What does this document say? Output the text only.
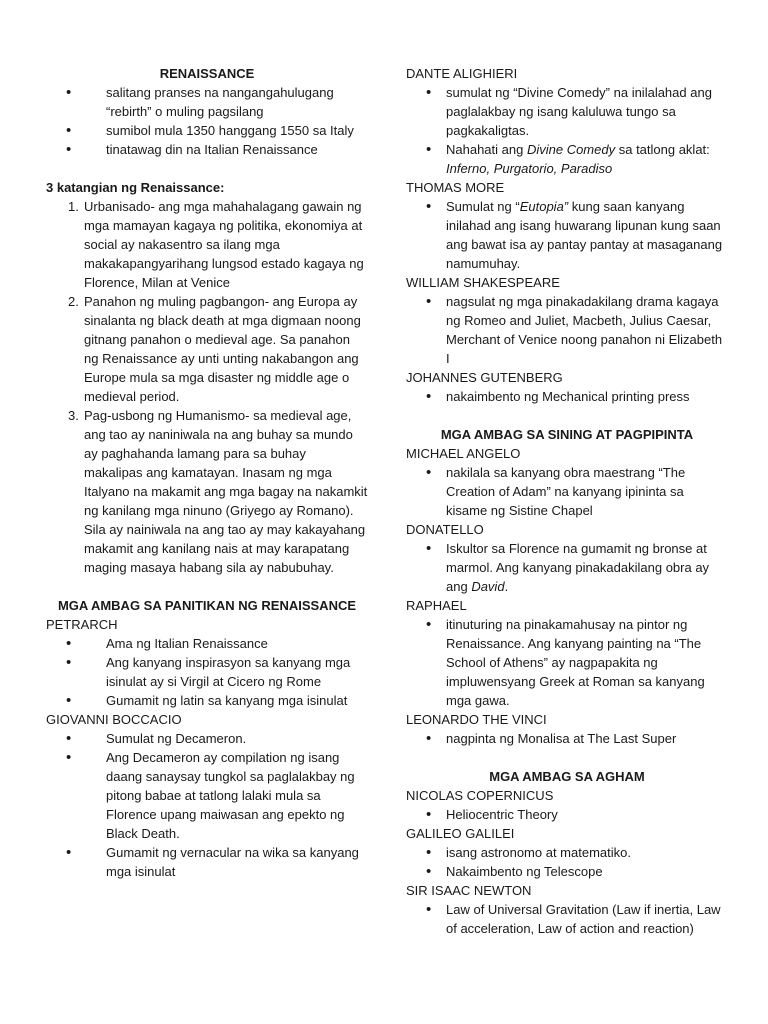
RENAISSANCE

• salitang pranses na nangangahulugang “rebirth” o muling pagsilang
• sumibol mula 1350 hanggang 1550 sa Italy
• tinatawag din na Italian Renaissance

3 katangian ng Renaissance:

1. Urbanisado- ang mga mahahalagang gawain ng mga mamayan kagaya ng politika, ekonomiya at social ay nakasentro sa ilang mga makakapangyarihang lungsod estado kagaya ng Florence, Milan at Venice
2. Panahon ng muling pagbangon- ang Europa ay sinalanta ng black death at mga digmaan noong gitnang panahon o medieval age. Sa panahon ng Renaissance ay unti unting nakabangon ang Europe mula sa mga disaster ng middle age o medieval period.
3. Pag-usbong ng Humanismo- sa medieval age, ang tao ay naniniwala na ang buhay sa mundo ay paghahanda lamang para sa buhay makalipas ang kamatayan. Inasam ng mga Italyano na makamit ang mga bagay na nakamkit ng kanilang mga ninuno (Griyego ay Romano). Sila ay nainiwala na ang tao ay may kakayahang makamit ang kanilang nais at may karapatang maging masaya habang sila ay nabubuhay.

MGA AMBAG SA PANITIKAN NG RENAISSANCE

PETRARCH

• Ama ng Italian Renaissance
• Ang kanyang inspirasyon sa kanyang mga isinulat ay si Virgil at Cicero ng Rome
• Gumamit ng latin sa kanyang mga isinulat

GIOVANNI BOCCACIO

• Sumulat ng Decameron.
• Ang Decameron ay compilation ng isang daang sanaysay tungkol sa paglalakbay ng pitong babae at tatlong lalaki mula sa Florence upang maiwasan ang epekto ng Black Death.
• Gumamit ng vernacular na wika sa kanyang mga isinulat

DANTE ALIGHIERI

• sumulat ng “Divine Comedy” na inilalahad ang paglalakbay ng isang kaluluwa tungo sa pagkakaligtas.
• Nahahati ang Divine Comedy sa tatlong aklat: Inferno, Purgatorio, Paradiso

THOMAS MORE

• Sumulat ng “Eutopia” kung saan kanyang inilahad ang isang huwarang lipunan kung saan ang bawat isa ay pantay pantay at masaganang namumuhay.

WILLIAM SHAKESPEARE

• nagsulat ng mga pinakadakilang drama kagaya ng Romeo and Juliet, Macbeth, Julius Caesar, Merchant of Venice noong panahon ni Elizabeth I

JOHANNES GUTENBERG

• nakaimbento ng Mechanical printing press

MGA AMBAG SA SINING AT PAGPIPINTA

MICHAEL ANGELO

• nakilala sa kanyang obra maestrang “The Creation of Adam” na kanyang ipininta sa kisame ng Sistine Chapel

DONATELLO

• Iskultor sa Florence na gumamit ng bronse at marmol. Ang kanyang pinakadakilang obra ay ang David.

RAPHAEL

• itinuturing na pinakamahusay na pintor ng Renaissance. Ang kanyang painting na “The School of Athens” ay nagpapakita ng impluwensyang Greek at Roman sa kanyang mga gawa.

LEONARDO THE VINCI

• nagpinta ng Monalisa at The Last Super

MGA AMBAG SA AGHAM

NICOLAS COPERNICUS

• Heliocentric Theory

GALILEO GALILEI

• isang astronomo at matematiko.
• Nakaimbento ng Telescope

SIR ISAAC NEWTON

• Law of Universal Gravitation (Law if inertia, Law of acceleration, Law of action and reaction)
